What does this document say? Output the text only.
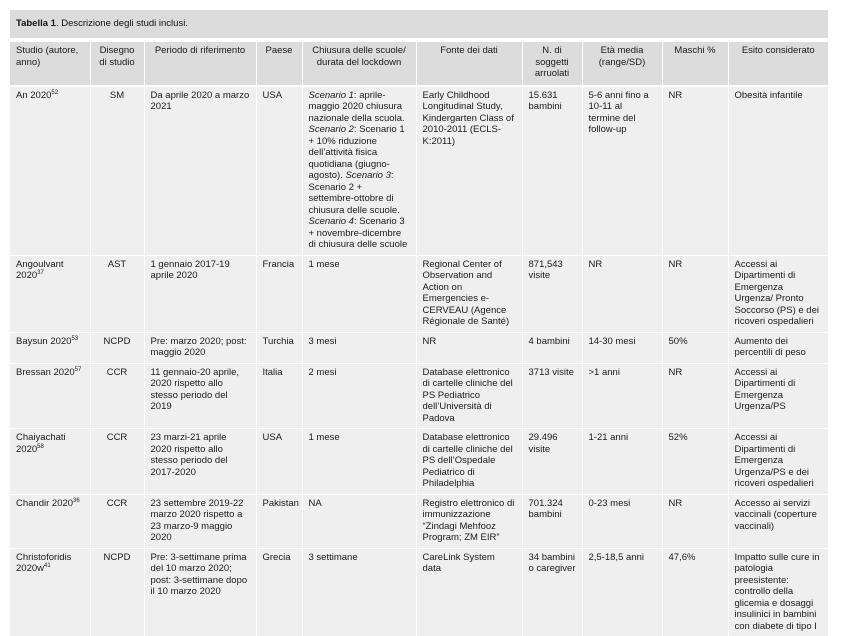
Tabella 1. Descrizione degli studi inclusi.
Studio (autore, anno)	Disegno di studio	Periodo di riferimento	Paese	Chiusura delle scuole/ durata del lockdown	Fonte dei dati	N. di soggetti arruolati	Età media (range/SD)	Maschi %	Esito considerato
An 2020$^{52}$	SM	Da aprile 2020 a marzo 2021	USA	Scenario 1: aprile-maggio 2020 chiusura nazionale della scuola. Scenario 2: Scenario 1 + 10% riduzione dell’attività fisica quotidiana (giugno-agosto). Scenario 3: Scenario 2 + settembre-ottobre di chiusura delle scuole. Scenario 4: Scenario 3 + novembre-dicembre di chiusura delle scuole	Early Childhood Longitudinal Study, Kindergarten Class of 2010-2011 (ECLS-K:2011)	15.631 bambini	5-6 anni fino a 10-11 al termine del follow-up	NR	Obesità infantile
Angoulvant 2020$^{37}$	AST	1 gennaio 2017-19 aprile 2020	Francia	1 mese	Regional Center of Observation and Action on Emergencies e-CERVEAU (Agence Régionale de Santé)	871,543 visite	NR	NR	Accessi ai Dipartimenti di Emergenza Urgenza/ Pronto Soccorso (PS) e dei ricoveri ospedalieri
Baysun 2020$^{53}$	NCPD	Pre: marzo 2020; post: maggio 2020	Turchia	3 mesi	NR	4 bambini	14-30 mesi	50%	Aumento dei percentili di peso
Bressan 2020$^{57}$	CCR	11 gennaio-20 aprile, 2020 rispetto allo stesso periodo del 2019	Italia	2 mesi	Database elettronico di cartelle cliniche del PS Pediatrico dell’Università di Padova	3713 visite	>1 anni	NR	Accessi ai Dipartimenti di Emergenza Urgenza/PS
Chaiyachati 2020$^{58}$	CCR	23 marzi-21 aprile 2020 rispetto allo stesso periodo del 2017-2020	USA	1 mese	Database elettronico di cartelle cliniche del PS dell’Ospedale Pediatrico di Philadelphia	29.496 visite	1-21 anni	52%	Accessi ai Dipartimenti di Emergenza Urgenza/PS e dei ricoveri ospedalieri
Chandir 2020$^{36}$	CCR	23 settembre 2019-22 marzo 2020 rispetto a 23 marzo-9 maggio 2020	Pakistan	NA	Registro elettronico di immunizzazione “Zindagi Mehfooz Program; ZM EIR”	701.324 bambini	0-23 mesi	NR	Accesso ai servizi vaccinali (coperture vaccinali)
Christoforidis $2020w^{41}$	NCPD	Pre: 3-settimane prima del 10 marzo 2020; post: 3-settimane dopo il 10 marzo 2020	Grecia	3 settimane	CareLink System data	34 bambini o caregiver	2,5-18,5 anni	47,6%	Impatto sulle cure in patologia preesistente: controllo della glicemia e dosaggi insulinici in bambini con diabete di tipo I
